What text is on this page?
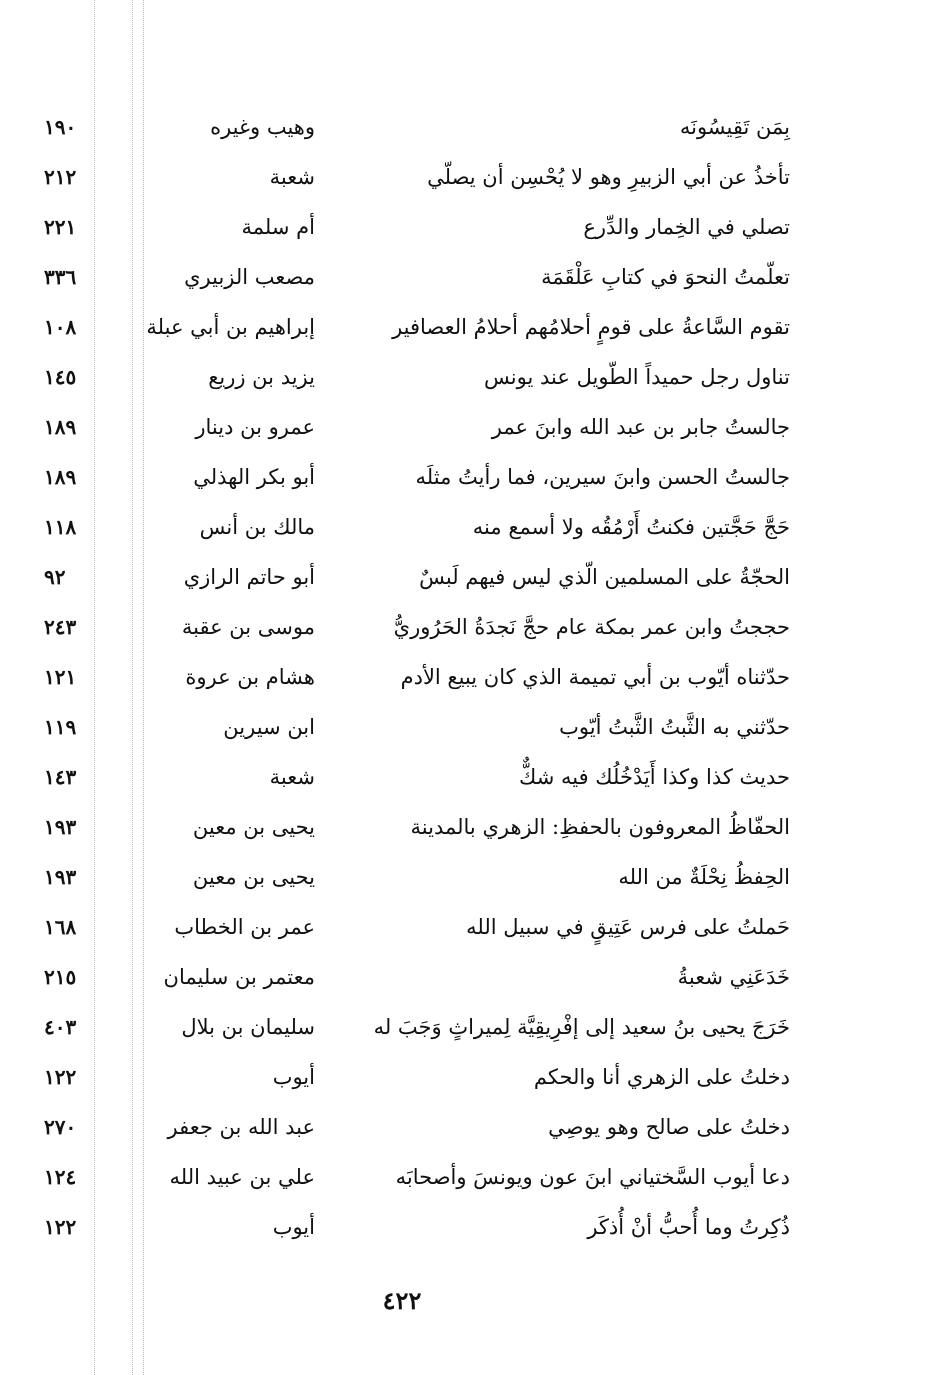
بِمَن تَقِيسُونَه
وهيب وغيره
١٩٠
تأخذُ عن أبي الزبيرِ وهو لا يُحْسِن أن يصلّي
شعبة
٢١٢
تصلي في الخِمار والدِّرع
أم سلمة
٢٢١
تعلّمتُ النحوَ في كتابِ عَلْقَمَة
مصعب الزبيري
٣٣٦
تقوم السَّاعةُ على قومٍ أحلامُهم أحلامُ العصافير
إبراهيم بن أبي عبلة
١٠٨
تناول رجل حميداً الطّويل عند يونس
يزيد بن زريع
١٤٥
جالستُ جابر بن عبد الله وابنَ عمر
عمرو بن دينار
١٨٩
جالستُ الحسن وابنَ سيرين، فما رأيتُ مثلَه
أبو بكر الهذلي
١٨٩
حَجَّ حَجَّتين فكنتُ أَرْمُقُه ولا أسمع منه
مالك بن أنس
١١٨
الحجّةُ على المسلمين الّذي ليس فيهم لَبسٌ
أبو حاتم الرازي
٩٢
حججتُ وابن عمر بمكة عام حجَّ نَجدَةُ الحَرُوريُّ
موسى بن عقبة
٢٤٣
حدّثناه أيّوب بن أبي تميمة الذي كان يبيع الأدم
هشام بن عروة
١٢١
حدّثني به الثَّبتُ الثَّبتُ أيّوب
ابن سيرين
١١٩
حديث كذا وكذا أَيَدْخُلُك فيه شكٌّ
شعبة
١٤٣
الحفّاظُ المعروفون بالحفظِ: الزهري بالمدينة
يحيى بن معين
١٩٣
الحِفظُ نِحْلَةٌ من الله
يحيى بن معين
١٩٣
حَملتُ على فرس عَتِيقٍ في سبيل الله
عمر بن الخطاب
١٦٨
خَدَعَنِي شعبةُ
معتمر بن سليمان
٢١٥
خَرَجَ يحيى بنُ سعيد إلى إفْرِيقِيَّة لِميراثٍ وَجَبَ له
سليمان بن بلال
٤٠٣
دخلتُ على الزهري أنا والحكم
أيوب
١٢٢
دخلتُ على صالح وهو يوصِي
عبد الله بن جعفر
٢٧٠
دعا أيوب السَّختياني ابنَ عون ويونسَ وأصحابَه
علي بن عبيد الله
١٢٤
ذُكِرتُ وما أُحبُّ أنْ أُذكَر
أيوب
١٢٢
٤٢٢
